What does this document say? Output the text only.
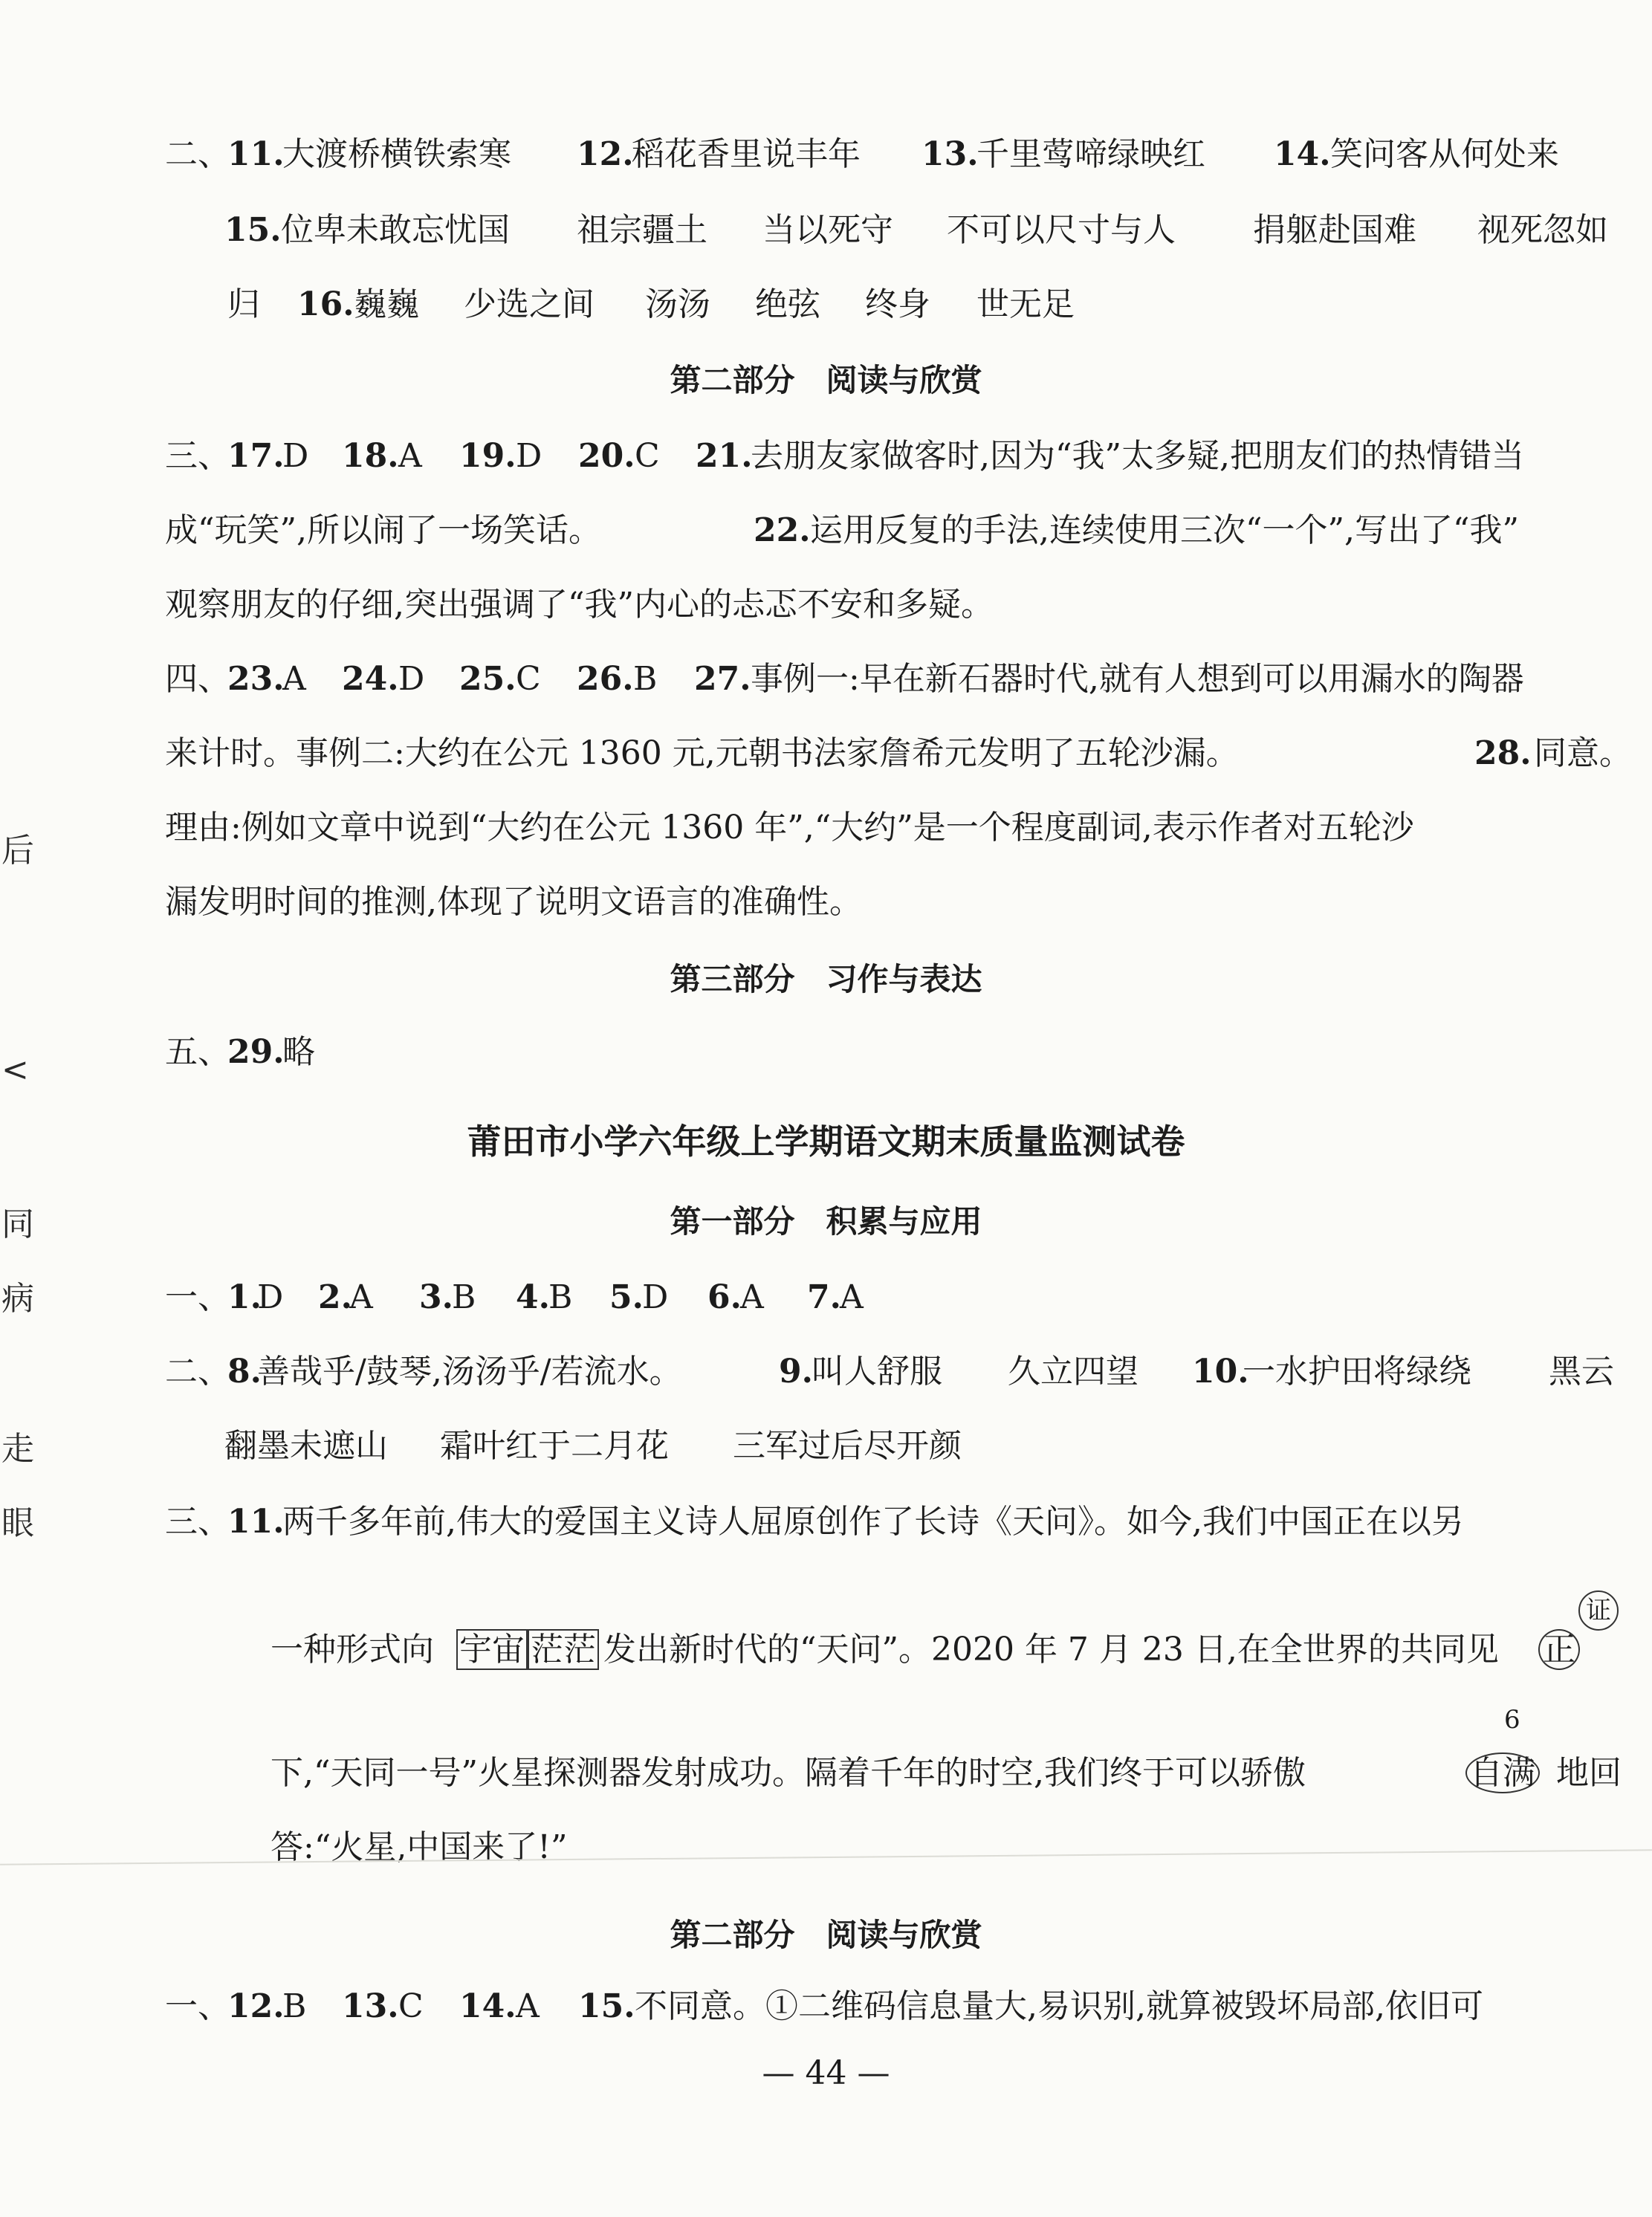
后
<
同
病
走
眼
二、
11.
大渡桥横铁索寒 12.
稻花香里说丰年 13.
千里莺啼绿映红 14. 笑问客从何处来
15. 位卑未敢忘忧国 祖宗疆土 当以死守 不可以尺寸与人 捐躯赴国难 视死忽如
归 16. 巍巍 少选之间 汤汤 绝弦 终身 世无足
第二部分　阅读与欣赏
三、
17.
D 18. A 19. D 20. C 21.
去朋友家做客时,因为“我”太多疑,把朋友们的热情错当
成“玩笑”,所以闹了一场笑话。	22. 运用反复的手法,连续使用三次“一个”,写出了“我”
观察朋友的仔细,突出强调了“我”内心的忐忑不安和多疑。
四、
23.
A 24. D 25. C 26. B 27. 事例一:早在新石器时代,就有人想到可以用漏水的陶器
来计时。事例二:大约在公元 1360 元,元朝书法家詹希元发明了五轮沙漏。	28. 同意。
理由:例如文章中说到“大约在公元 1360 年”,“大约”是一个程度副词,表示作者对五轮沙
漏发明时间的推测,体现了说明文语言的准确性。
第三部分　习作与表达
五、
29.
略
莆田市小学六年级上学期语文期末质量监测试卷
第一部分　积累与应用
一、
1.
D 2.
A 3.
B 4.
B 5.
D 6.
A 7.
A
二、
8.
善哉乎/鼓琴,汤汤乎/若流水。	9.
叫人舒服 久立四望 10.
一水护田将绿绕 黑云
翻墨未遮山 霜叶红于二月花 三军过后尽开颜
三、
11.
两千多年前,伟大的爱国主义诗人屈原创作了长诗《天问》。如今,我们中国正在以另
一种形式向 宇宙 茫茫 发出新时代的“天问”。2020 年 7 月 23 日,在全世界的共同见 正
证
下,“天同一号”火星探测器发射成功。隔着千年的时空,我们终于可以骄傲	自满 地回
6
答:“火星,中国来了!”
第二部分　阅读与欣赏
一、
12.
B 13. C 14. A 15. 不同意。①二维码信息量大,易识别,就算被毁坏局部,依旧可
— 44 —
